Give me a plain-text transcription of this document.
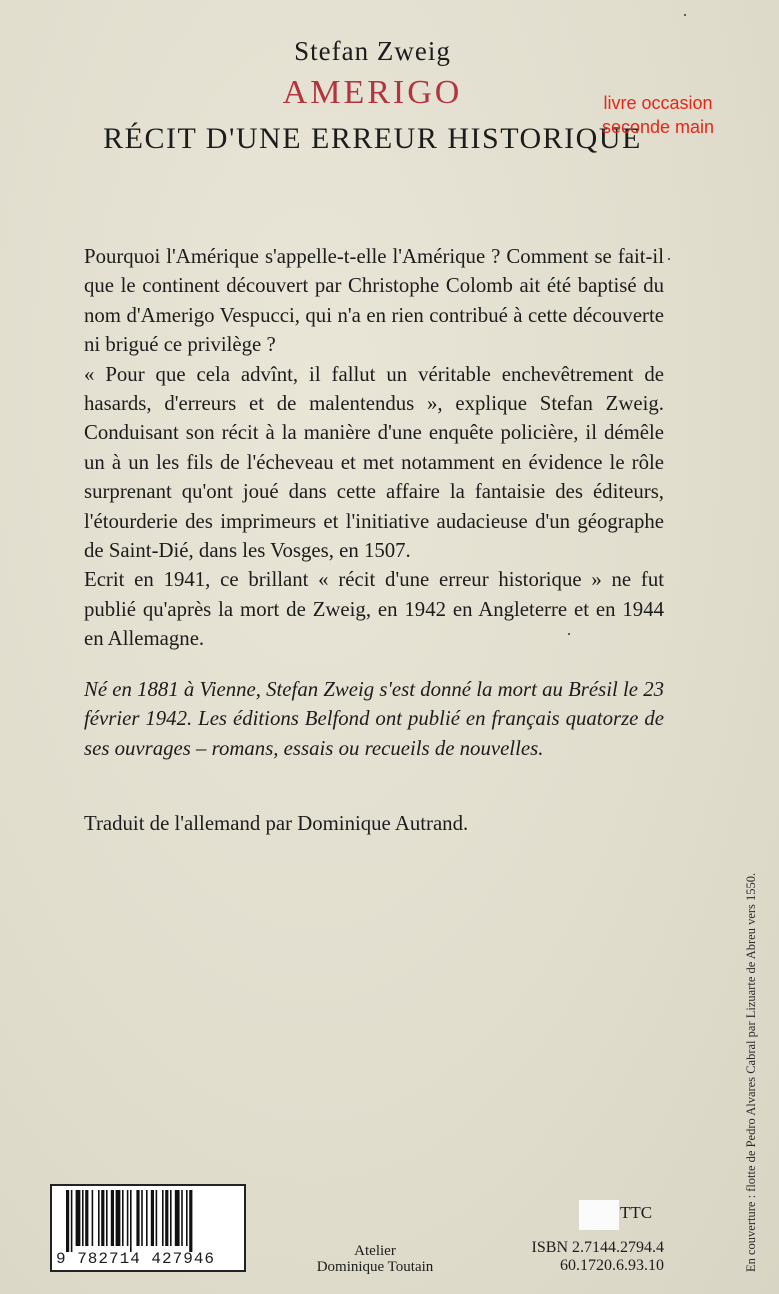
Stefan Zweig
AMERIGO
RÉCIT D'UNE ERREUR HISTORIQUE
livre occasion
seconde main

Pourquoi l'Amérique s'appelle-t-elle l'Amérique ? Comment se fait-il que le continent découvert par Christophe Colomb ait été baptisé du nom d'Amerigo Vespucci, qui n'a en rien contribué à cette découverte ni brigué ce privilège ?

« Pour que cela advînt, il fallut un véritable enchevêtrement de hasards, d'erreurs et de malentendus », explique Stefan Zweig. Conduisant son récit à la manière d'une enquête policière, il démêle un à un les fils de l'écheveau et met notamment en évidence le rôle surprenant qu'ont joué dans cette affaire la fantaisie des éditeurs, l'étourderie des imprimeurs et l'initiative audacieuse d'un géographe de Saint-Dié, dans les Vosges, en 1507.

Ecrit en 1941, ce brillant « récit d'une erreur historique » ne fut publié qu'après la mort de Zweig, en 1942 en Angleterre et en 1944 en Allemagne.

Né en 1881 à Vienne, Stefan Zweig s'est donné la mort au Brésil le 23 février 1942. Les éditions Belfond ont publié en français quatorze de ses ouvrages – romans, essais ou recueils de nouvelles.
Traduit de l'allemand par Dominique Autrand.
En couverture : flotte de Pedro Alvares Cabral par Lizuarte de Abreu vers 1550.
9 782714 427946	Atelier
Dominique Toutain
TTC
ISBN 2.7144.2794.4
60.1720.6.93.10
